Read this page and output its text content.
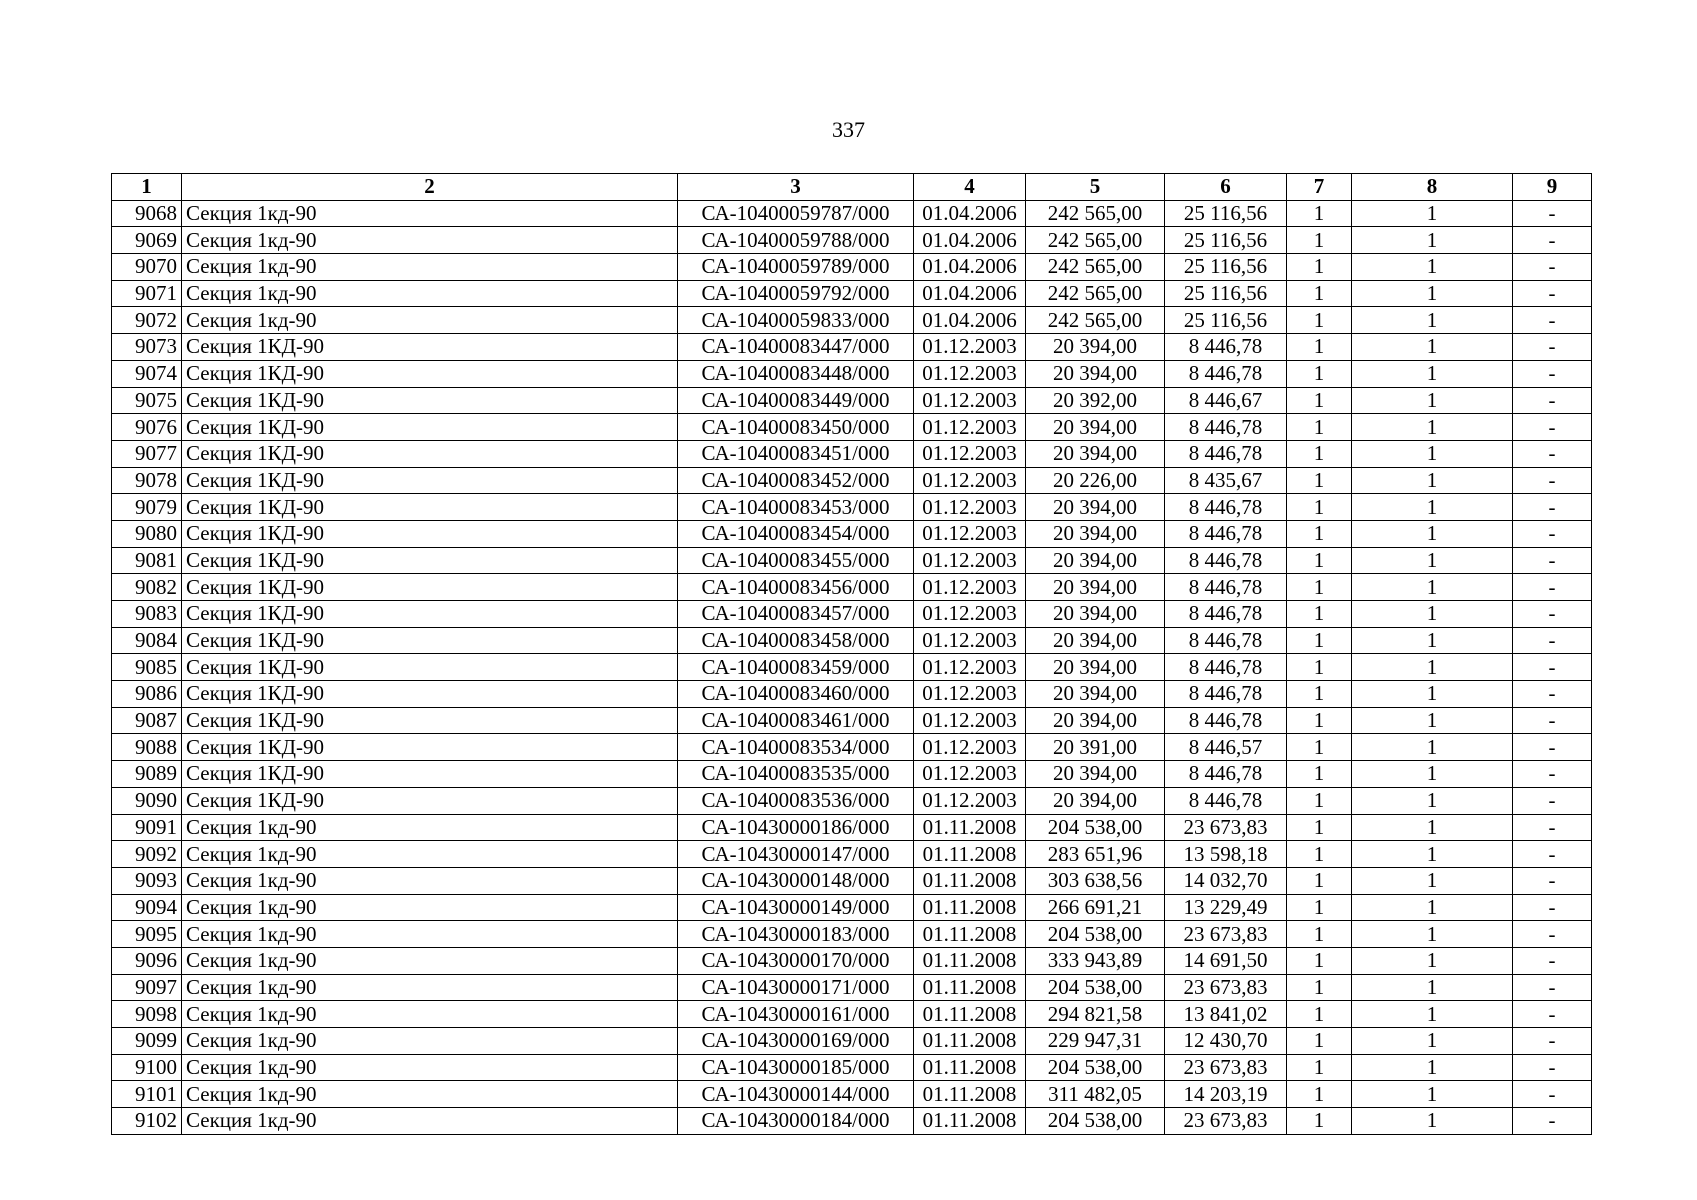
337
1	2	3	4	5	6	7	8	9
9068	Секция 1кд-90	СА-10400059787/000	01.04.2006	242 565,00	25 116,56	1	1	-
9069	Секция 1кд-90	СА-10400059788/000	01.04.2006	242 565,00	25 116,56	1	1	-
9070	Секция 1кд-90	СА-10400059789/000	01.04.2006	242 565,00	25 116,56	1	1	-
9071	Секция 1кд-90	СА-10400059792/000	01.04.2006	242 565,00	25 116,56	1	1	-
9072	Секция 1кд-90	СА-10400059833/000	01.04.2006	242 565,00	25 116,56	1	1	-
9073	Секция 1КД-90	СА-10400083447/000	01.12.2003	20 394,00	8 446,78	1	1	-
9074	Секция 1КД-90	СА-10400083448/000	01.12.2003	20 394,00	8 446,78	1	1	-
9075	Секция 1КД-90	СА-10400083449/000	01.12.2003	20 392,00	8 446,67	1	1	-
9076	Секция 1КД-90	СА-10400083450/000	01.12.2003	20 394,00	8 446,78	1	1	-
9077	Секция 1КД-90	СА-10400083451/000	01.12.2003	20 394,00	8 446,78	1	1	-
9078	Секция 1КД-90	СА-10400083452/000	01.12.2003	20 226,00	8 435,67	1	1	-
9079	Секция 1КД-90	СА-10400083453/000	01.12.2003	20 394,00	8 446,78	1	1	-
9080	Секция 1КД-90	СА-10400083454/000	01.12.2003	20 394,00	8 446,78	1	1	-
9081	Секция 1КД-90	СА-10400083455/000	01.12.2003	20 394,00	8 446,78	1	1	-
9082	Секция 1КД-90	СА-10400083456/000	01.12.2003	20 394,00	8 446,78	1	1	-
9083	Секция 1КД-90	СА-10400083457/000	01.12.2003	20 394,00	8 446,78	1	1	-
9084	Секция 1КД-90	СА-10400083458/000	01.12.2003	20 394,00	8 446,78	1	1	-
9085	Секция 1КД-90	СА-10400083459/000	01.12.2003	20 394,00	8 446,78	1	1	-
9086	Секция 1КД-90	СА-10400083460/000	01.12.2003	20 394,00	8 446,78	1	1	-
9087	Секция 1КД-90	СА-10400083461/000	01.12.2003	20 394,00	8 446,78	1	1	-
9088	Секция 1КД-90	СА-10400083534/000	01.12.2003	20 391,00	8 446,57	1	1	-
9089	Секция 1КД-90	СА-10400083535/000	01.12.2003	20 394,00	8 446,78	1	1	-
9090	Секция 1КД-90	СА-10400083536/000	01.12.2003	20 394,00	8 446,78	1	1	-
9091	Секция 1кд-90	СА-10430000186/000	01.11.2008	204 538,00	23 673,83	1	1	-
9092	Секция 1кд-90	СА-10430000147/000	01.11.2008	283 651,96	13 598,18	1	1	-
9093	Секция 1кд-90	СА-10430000148/000	01.11.2008	303 638,56	14 032,70	1	1	-
9094	Секция 1кд-90	СА-10430000149/000	01.11.2008	266 691,21	13 229,49	1	1	-
9095	Секция 1кд-90	СА-10430000183/000	01.11.2008	204 538,00	23 673,83	1	1	-
9096	Секция 1кд-90	СА-10430000170/000	01.11.2008	333 943,89	14 691,50	1	1	-
9097	Секция 1кд-90	СА-10430000171/000	01.11.2008	204 538,00	23 673,83	1	1	-
9098	Секция 1кд-90	СА-10430000161/000	01.11.2008	294 821,58	13 841,02	1	1	-
9099	Секция 1кд-90	СА-10430000169/000	01.11.2008	229 947,31	12 430,70	1	1	-
9100	Секция 1кд-90	СА-10430000185/000	01.11.2008	204 538,00	23 673,83	1	1	-
9101	Секция 1кд-90	СА-10430000144/000	01.11.2008	311 482,05	14 203,19	1	1	-
9102	Секция 1кд-90	СА-10430000184/000	01.11.2008	204 538,00	23 673,83	1	1	-
